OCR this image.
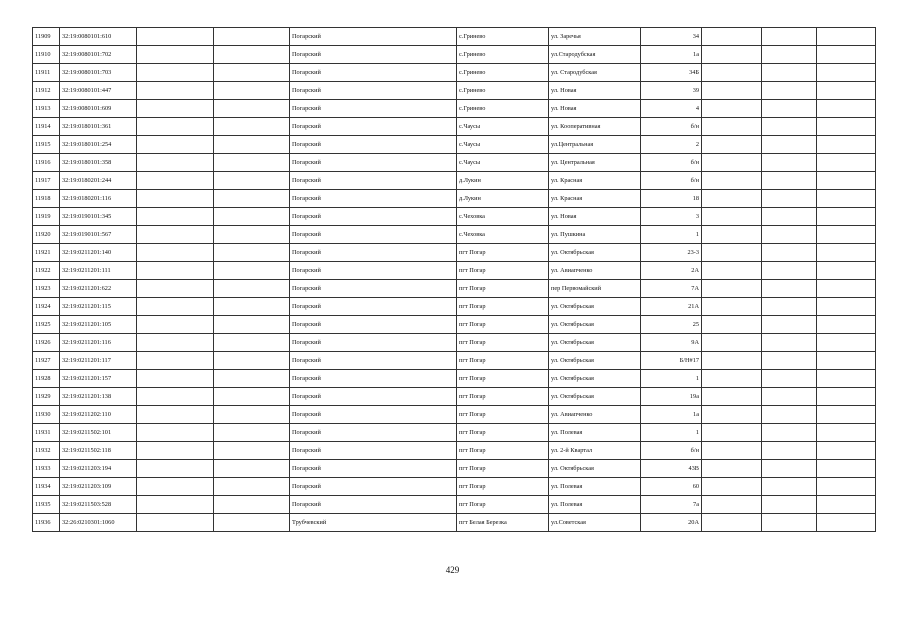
11909	32:19:0080101:610			Погарский	с.Гринево	ул. Заречья	34			
11910	32:19:0080101:702			Погарский	с.Гринево	ул.Стародубская	1а			
11911	32:19:0080101:703			Погарский	с.Гринево	ул. Стародубская	34Б			
11912	32:19:0080101:447			Погарский	с.Гринево	ул. Новая	39			
11913	32:19:0080101:609			Погарский	с.Гринево	ул. Новая	4			
11914	32:19:0180101:361			Погарский	с.Чаусы	ул. Кооперативная	б/н			
11915	32:19:0180101:254			Погарский	с.Чаусы	ул.Центральная	2			
11916	32:19:0180101:358			Погарский	с.Чаусы	ул. Центральная	б/н			
11917	32:19:0180201:244			Погарский	д.Лукин	ул. Красная	б/н			
11918	32:19:0180201:116			Погарский	д.Лукин	ул. Красная	18			
11919	32:19:0190101:345			Погарский	с.Чеховка	ул. Новая	3			
11920	32:19:0190101:567			Погарский	с.Чеховка	ул. Пушкина	1			
11921	32:19:0211201:140			Погарский	пгт Погар	ул. Октябрьская	23-3			
11922	32:19:0211201:111			Погарский	пгт Погар	ул. Авиапченко	2А			
11923	32:19:0211201:622			Погарский	пгт Погар	пер Первомайский	7А			
11924	32:19:0211201:115			Погарский	пгт Погар	ул. Октябрьская	21А			
11925	32:19:0211201:105			Погарский	пгт Погар	ул. Октябрьская	25			
11926	32:19:0211201:116			Погарский	пгт Погар	ул. Октябрьская	9А			
11927	32:19:0211201:117			Погарский	пгт Погар	ул. Октябрьская	Б/Н#17			
11928	32:19:0211201:157			Погарский	пгт Погар	ул. Октябрьская	1			
11929	32:19:0211201:138			Погарский	пгт Погар	ул. Октябрьская	19а			
11930	32:19:0211202:110			Погарский	пгт Погар	ул. Авиапченко	1а			
11931	32:19:0211502:101			Погарский	пгт Погар	ул. Полевая	1			
11932	32:19:0211502:118			Погарский	пгт Погар	ул. 2-й Квартал	б/н			
11933	32:19:0211203:194			Погарский	пгт Погар	ул. Октябрьская	43В			
11934	32:19:0211203:109			Погарский	пгт Погар	ул. Полевая	60			
11935	32:19:0211503:528			Погарский	пгт Погар	ул. Полевая	7а			
11936	32:26:0210301:1060			Трубчевский	пгт Белая Березка	ул.Советская	20А			
429
